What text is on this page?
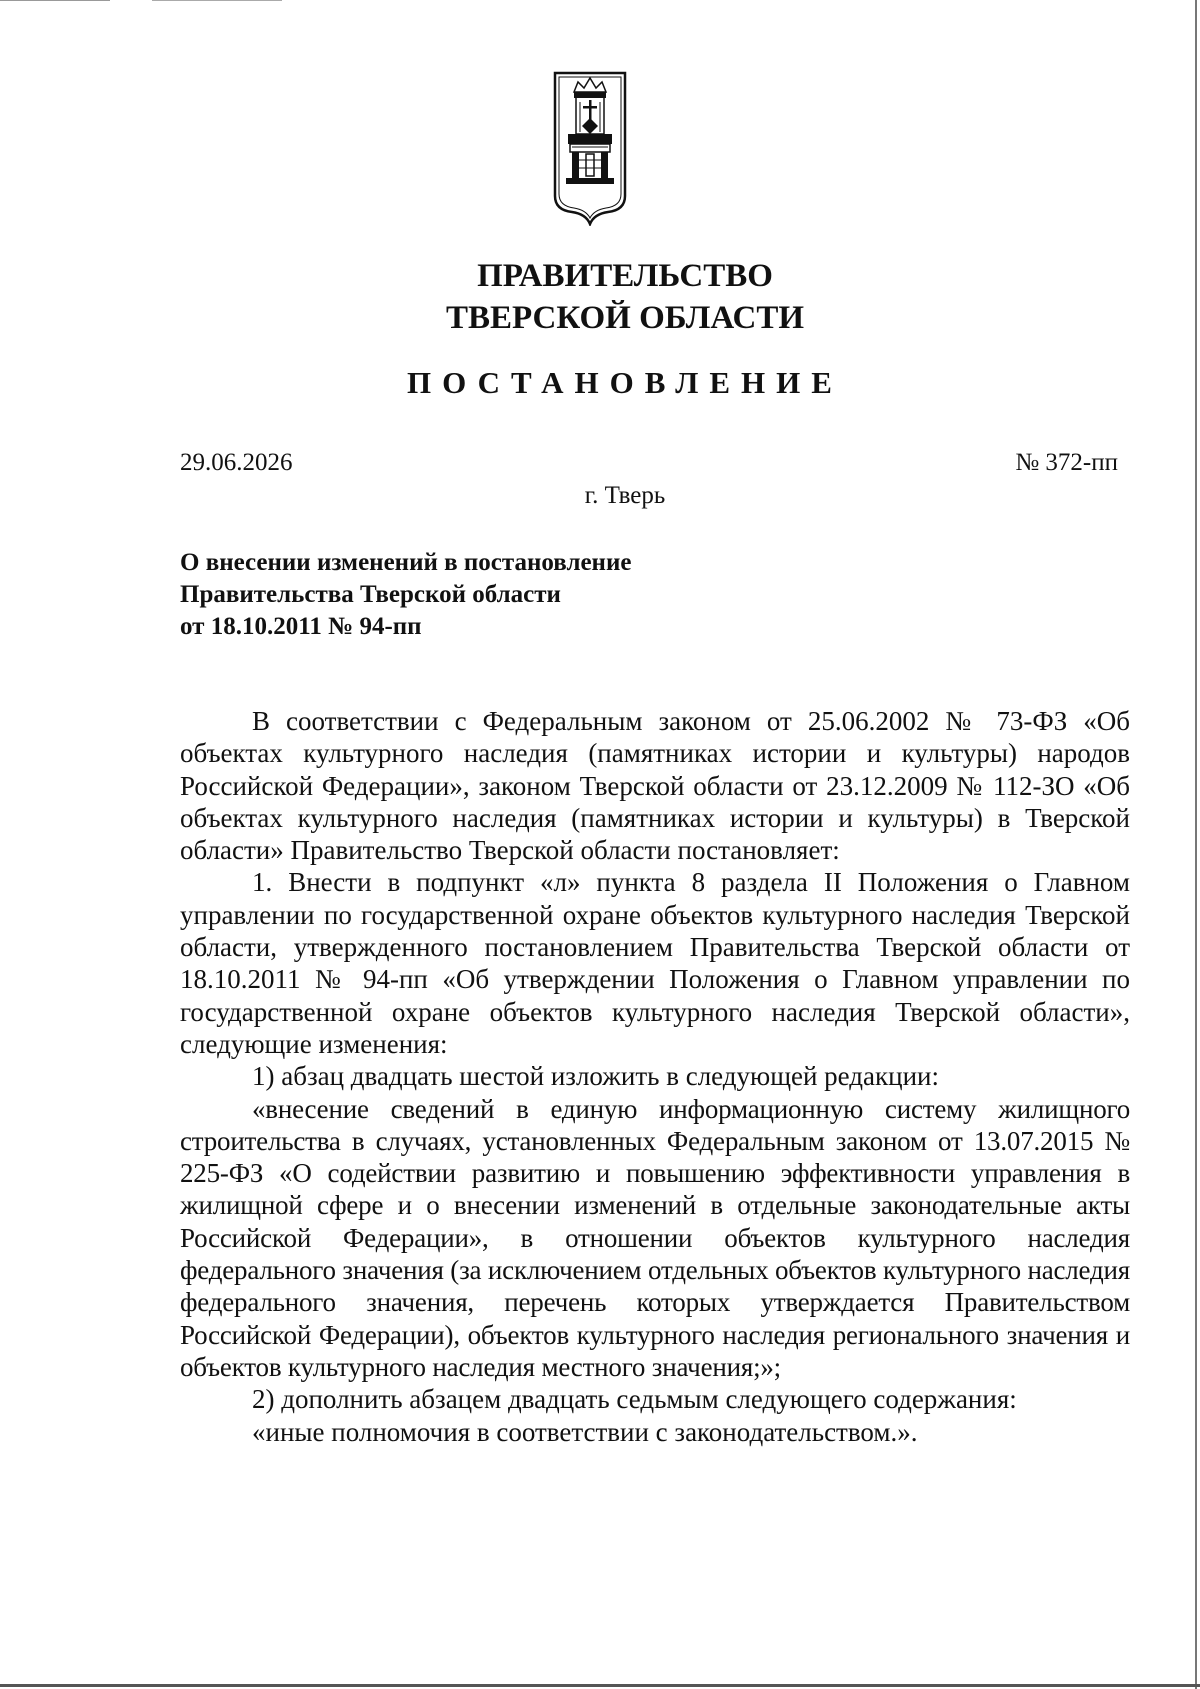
ПРАВИТЕЛЬСТВО
ТВЕРСКОЙ ОБЛАСТИ
ПОСТАНОВЛЕНИЕ
29.06.2026	№ 372-пп
г. Тверь
О внесении изменений в постановление
Правительства Тверской области
от 18.10.2011 № 94-пп

В соответствии с Федеральным законом от 25.06.2002 № 73-ФЗ «Об объектах культурного наследия (памятниках истории и культуры) народов Российской Федерации», законом Тверской области от 23.12.2009 № 112-ЗО «Об объектах культурного наследия (памятниках истории и культуры) в Тверской области» Правительство Тверской области постановляет:

1. Внести в подпункт «л» пункта 8 раздела II Положения о Главном управлении по государственной охране объектов культурного наследия Тверской области, утвержденного постановлением Правительства Тверской области от 18.10.2011 № 94-пп «Об утверждении Положения о Главном управлении по государственной охране объектов культурного наследия Тверской области», следующие изменения:

1) абзац двадцать шестой изложить в следующей редакции:

«внесение сведений в единую информационную систему жилищного строительства в случаях, установленных Федеральным законом от 13.07.2015 № 225-ФЗ «О содействии развитию и повышению эффективности управления в жилищной сфере и о внесении изменений в отдельные законодательные акты Российской Федерации», в отношении объектов культурного наследия федерального значения (за исключением отдельных объектов культурного наследия федерального значения, перечень которых утверждается Правительством Российской Федерации), объектов культурного наследия регионального значения и объектов культурного наследия местного значения;»;

2) дополнить абзацем двадцать седьмым следующего содержания:

«иные полномочия в соответствии с законодательством.».
